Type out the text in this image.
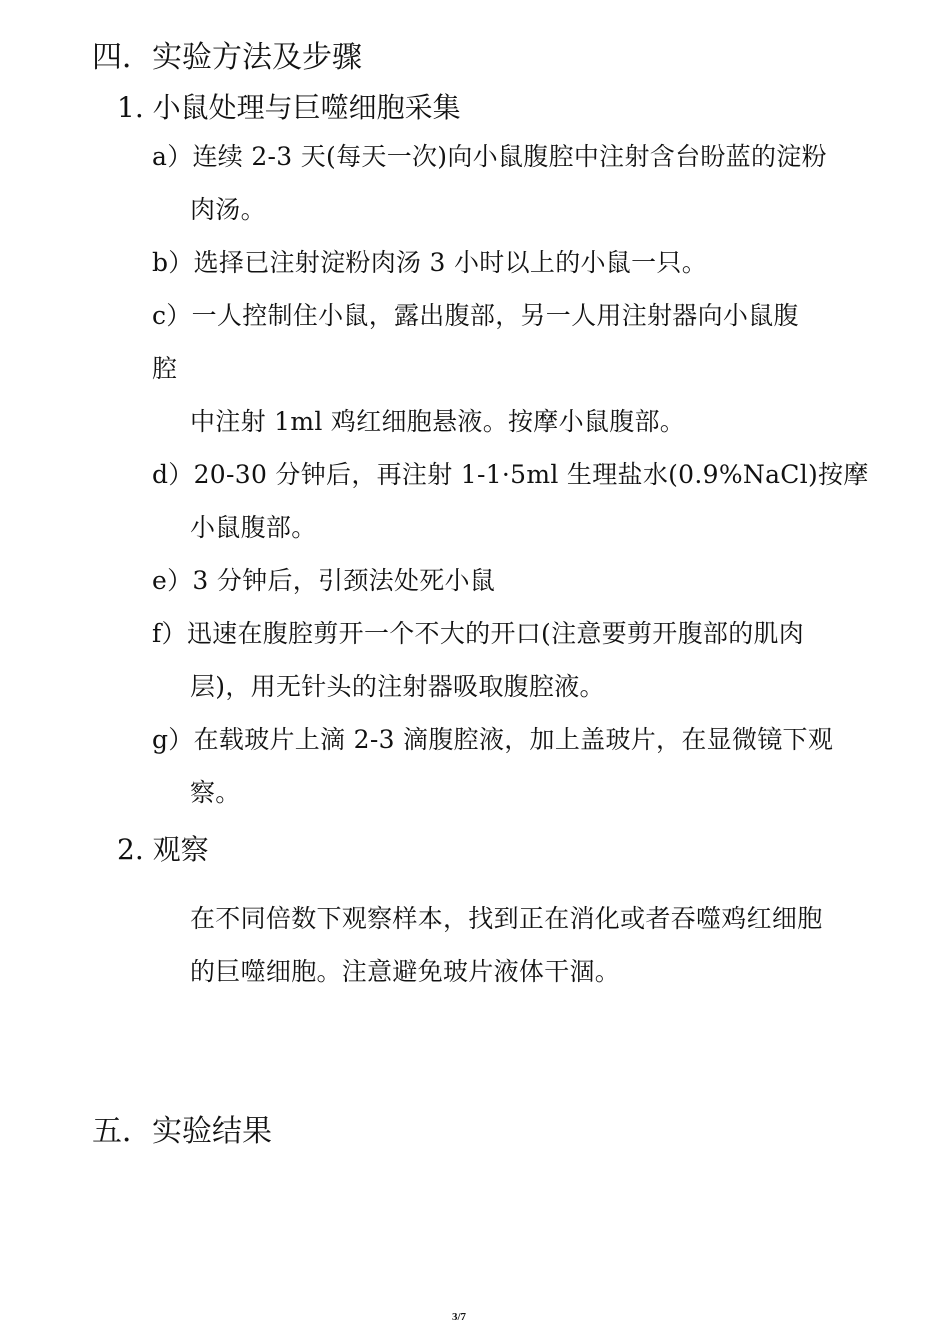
四．实验方法及步骤
1. 小鼠处理与巨噬细胞采集
a）连续 2-3 天(每天一次)向小鼠腹腔中注射含台盼蓝的淀粉
肉汤。
b）选择已注射淀粉肉汤 3 小时以上的小鼠一只。
c）一人控制住小鼠，露出腹部，另一人用注射器向小鼠腹
腔
中注射 1ml 鸡红细胞悬液。按摩小鼠腹部。
d）20-30 分钟后，再注射 1-1·5ml 生理盐水(0.9%NaCl)按摩
小鼠腹部。
e）3 分钟后，引颈法处死小鼠
f）迅速在腹腔剪开一个不大的开口(注意要剪开腹部的肌肉
层)，用无针头的注射器吸取腹腔液。
g）在载玻片上滴 2-3 滴腹腔液，加上盖玻片，在显微镜下观
察。
2. 观察
在不同倍数下观察样本，找到正在消化或者吞噬鸡红细胞
的巨噬细胞。注意避免玻片液体干涸。
五．实验结果
3/7
